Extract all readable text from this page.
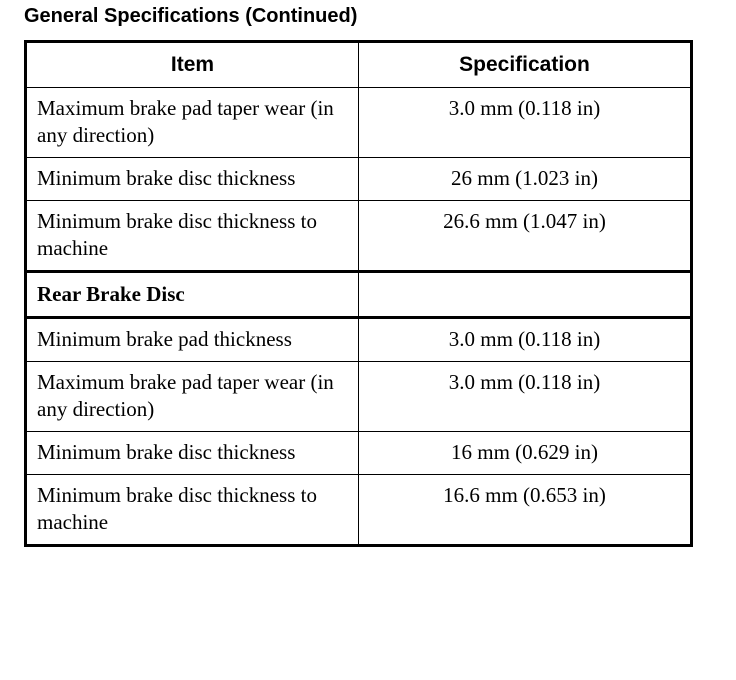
General Specifications (Continued)
Item	Specification

Maximum brake pad taper wear (in any direction)	3.0 mm (0.118 in)

Minimum brake disc thickness	26 mm (1.023 in)

Minimum brake disc thickness to machine	26.6 mm (1.047 in)

Rear Brake Disc	

Minimum brake pad thickness	3.0 mm (0.118 in)

Maximum brake pad taper wear (in any direction)	3.0 mm (0.118 in)

Minimum brake disc thickness	16 mm (0.629 in)

Minimum brake disc thickness to machine	16.6 mm (0.653 in)
